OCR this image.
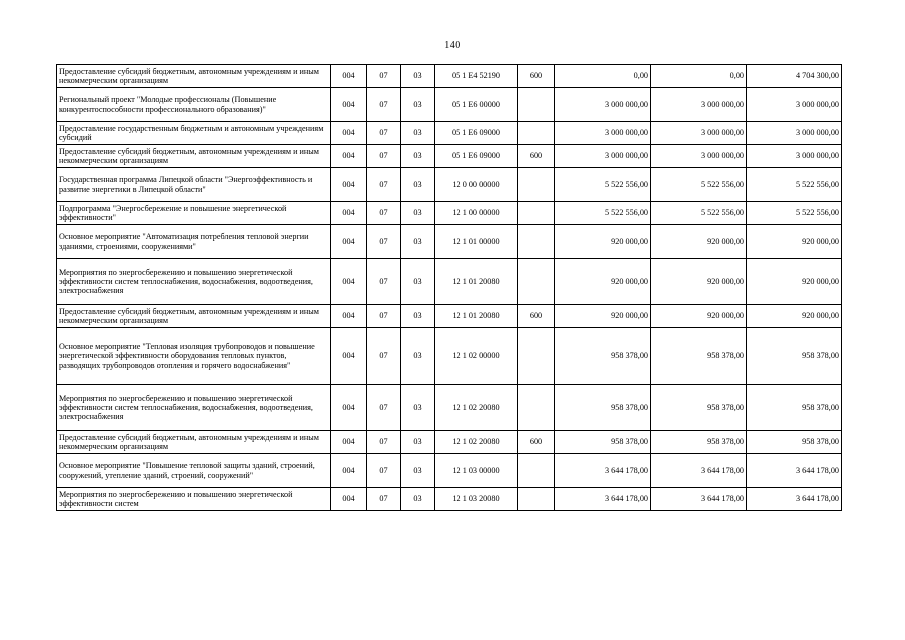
140
Предоставление субсидий бюджетным, автономным учреждениям и иным некоммерческим организациям	004	07	03	05 1 E4 52190	600	0,00	0,00	4 704 300,00
Региональный проект "Молодые профессионалы (Повышение конкурентоспособности профессионального образования)"	004	07	03	05 1 E6 00000		3 000 000,00	3 000 000,00	3 000 000,00
Предоставление государственным бюджетным и автономным учреждениям субсидий	004	07	03	05 1 E6 09000		3 000 000,00	3 000 000,00	3 000 000,00
Предоставление субсидий бюджетным, автономным учреждениям и иным некоммерческим организациям	004	07	03	05 1 E6 09000	600	3 000 000,00	3 000 000,00	3 000 000,00
Государственная программа Липецкой области "Энергоэффективность и развитие энергетики в Липецкой области"	004	07	03	12 0 00 00000		5 522 556,00	5 522 556,00	5 522 556,00
Подпрограмма "Энергосбережение и повышение энергетической эффективности"	004	07	03	12 1 00 00000		5 522 556,00	5 522 556,00	5 522 556,00
Основное мероприятие "Автоматизация потребления тепловой энергии зданиями, строениями, сооружениями"	004	07	03	12 1 01 00000		920 000,00	920 000,00	920 000,00
Мероприятия по энергосбережению и повышению энергетической эффективности систем теплоснабжения, водоснабжения, водоотведения, электроснабжения	004	07	03	12 1 01 20080		920 000,00	920 000,00	920 000,00
Предоставление субсидий бюджетным, автономным учреждениям и иным некоммерческим организациям	004	07	03	12 1 01 20080	600	920 000,00	920 000,00	920 000,00
Основное мероприятие "Тепловая изоляция трубопроводов и повышение энергетической эффективности оборудования тепловых пунктов, разводящих трубопроводов отопления и горячего водоснабжения"	004	07	03	12 1 02 00000		958 378,00	958 378,00	958 378,00
Мероприятия по энергосбережению и повышению энергетической эффективности систем теплоснабжения, водоснабжения, водоотведения, электроснабжения	004	07	03	12 1 02 20080		958 378,00	958 378,00	958 378,00
Предоставление субсидий бюджетным, автономным учреждениям и иным некоммерческим организациям	004	07	03	12 1 02 20080	600	958 378,00	958 378,00	958 378,00
Основное мероприятие "Повышение тепловой защиты зданий, строений, сооружений, утепление зданий, строений, сооружений"	004	07	03	12 1 03 00000		3 644 178,00	3 644 178,00	3 644 178,00
Мероприятия по энергосбережению и повышению энергетической эффективности систем	004	07	03	12 1 03 20080		3 644 178,00	3 644 178,00	3 644 178,00
